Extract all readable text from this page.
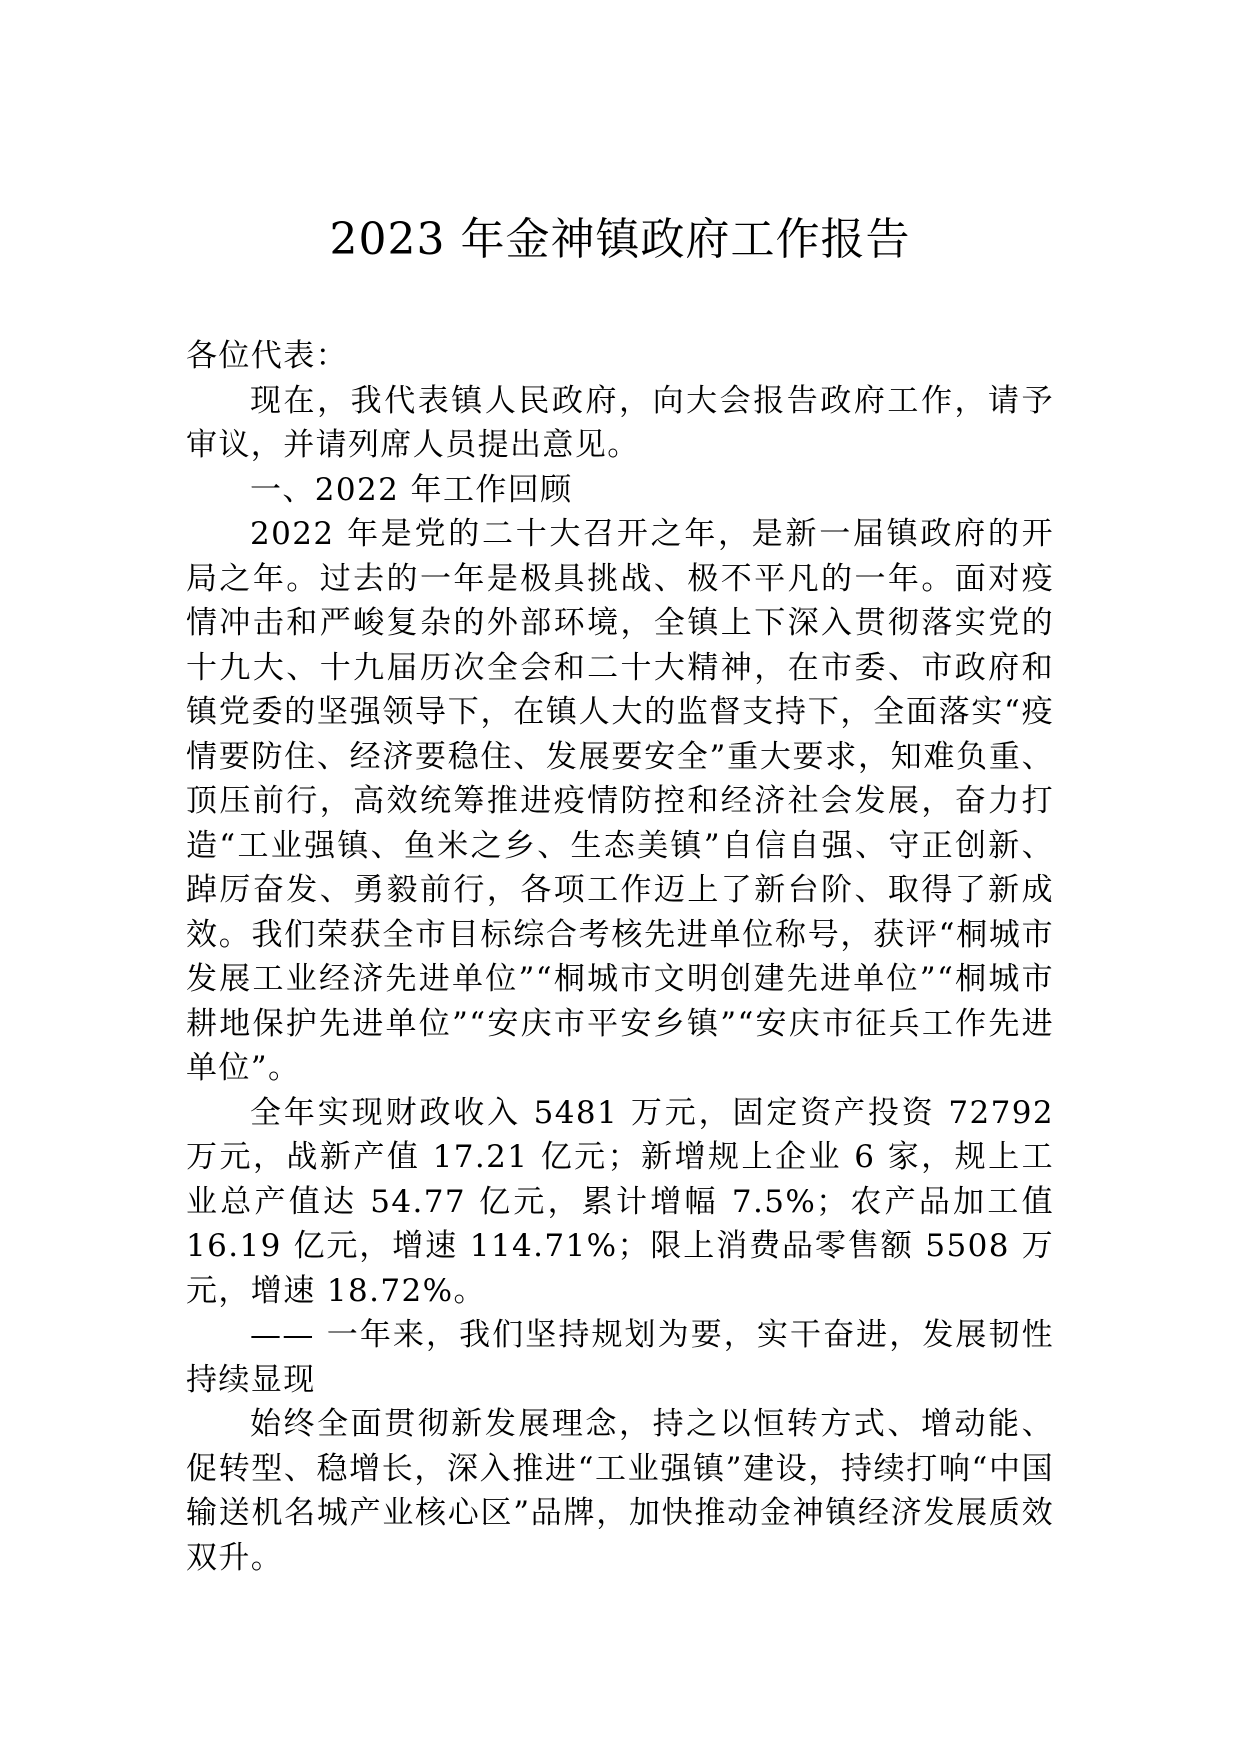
2023 年金神镇政府工作报告

各位代表：

现在，我代表镇人民政府，向大会报告政府工作，请予审议，并请列席人员提出意见。

一、2022 年工作回顾

2022 年是党的二十大召开之年，是新一届镇政府的开局之年。过去的一年是极具挑战、极不平凡的一年。面对疫情冲击和严峻复杂的外部环境，全镇上下深入贯彻落实党的十九大、十九届历次全会和二十大精神，在市委、市政府和镇党委的坚强领导下，在镇人大的监督支持下，全面落实“疫情要防住、经济要稳住、发展要安全”重大要求，知难负重、顶压前行，高效统筹推进疫情防控和经济社会发展，奋力打造“工业强镇、鱼米之乡、生态美镇”自信自强、守正创新、踔厉奋发、勇毅前行，各项工作迈上了新台阶、取得了新成效。我们荣获全市目标综合考核先进单位称号，获评“桐城市发展工业经济先进单位”“桐城市文明创建先进单位”“桐城市耕地保护先进单位”“安庆市平安乡镇”“安庆市征兵工作先进单位”。

全年实现财政收入 5481 万元，固定资产投资 72792 万元，战新产值 17.21 亿元；新增规上企业 6 家，规上工业总产值达 54.77 亿元，累计增幅 7.5%；农产品加工值 16.19 亿元，增速 114.71%；限上消费品零售额 5508 万元，增速 18.72%。

—— 一年来，我们坚持规划为要，实干奋进，发展韧性持续显现

始终全面贯彻新发展理念，持之以恒转方式、增动能、促转型、稳增长，深入推进“工业强镇”建设，持续打响“中国输送机名城产业核心区”品牌，加快推动金神镇经济发展质效双升。
